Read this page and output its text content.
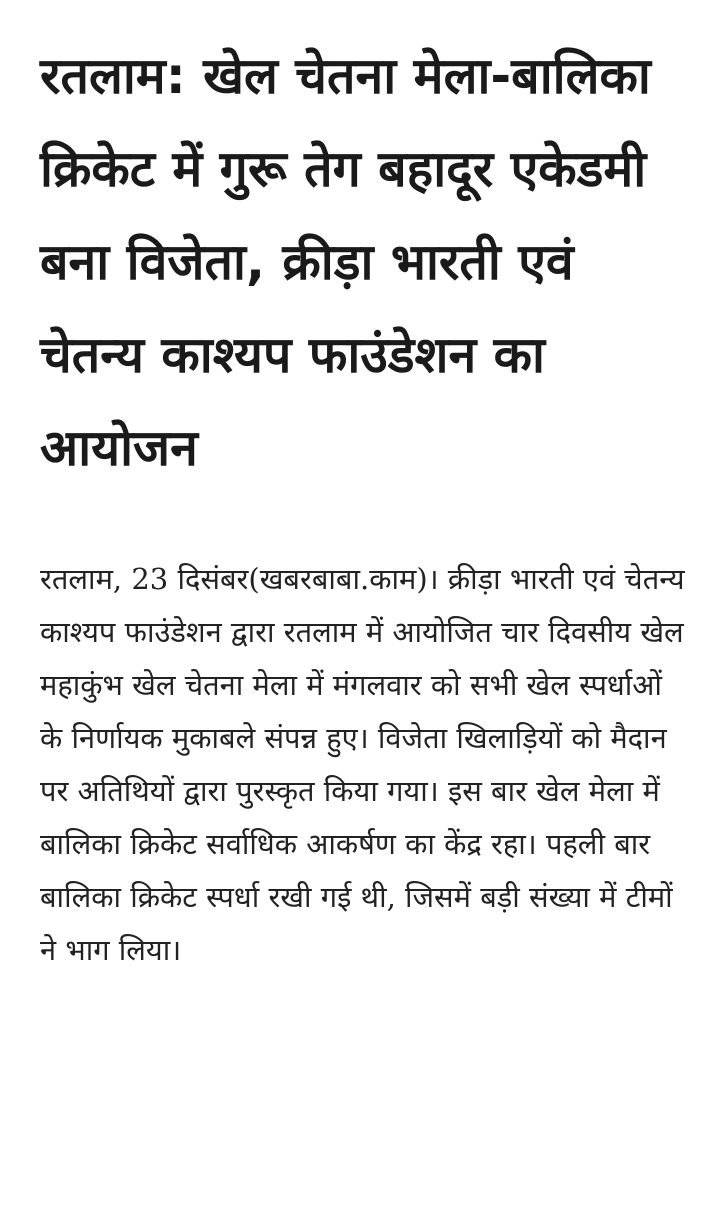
रतलाम: खेल चेतना मेला-बालिका क्रिकेट में गुरू तेग बहादूर एकेडमी बना विजेता, क्रीड़ा भारती एवं चेतन्य काश्यप फाउंडेशन का आयोजन

रतलाम, 23 दिसंबर(खबरबाबा.काम)। क्रीड़ा भारती एवं चेतन्य काश्यप फाउंडेशन द्वारा रतलाम में आयोजित चार दिवसीय खेल महाकुंभ खेल चेतना मेला में मंगलवार को सभी खेल स्पर्धाओं के निर्णायक मुकाबले संपन्न हुए। विजेता खिलाड़ियों को मैदान पर अतिथियों द्वारा पुरस्कृत किया गया। इस बार खेल मेला में बालिका क्रिकेट सर्वाधिक आकर्षण का केंद्र रहा। पहली बार बालिका क्रिकेट स्पर्धा रखी गई थी, जिसमें बड़ी संख्या में टीमों ने भाग लिया।
